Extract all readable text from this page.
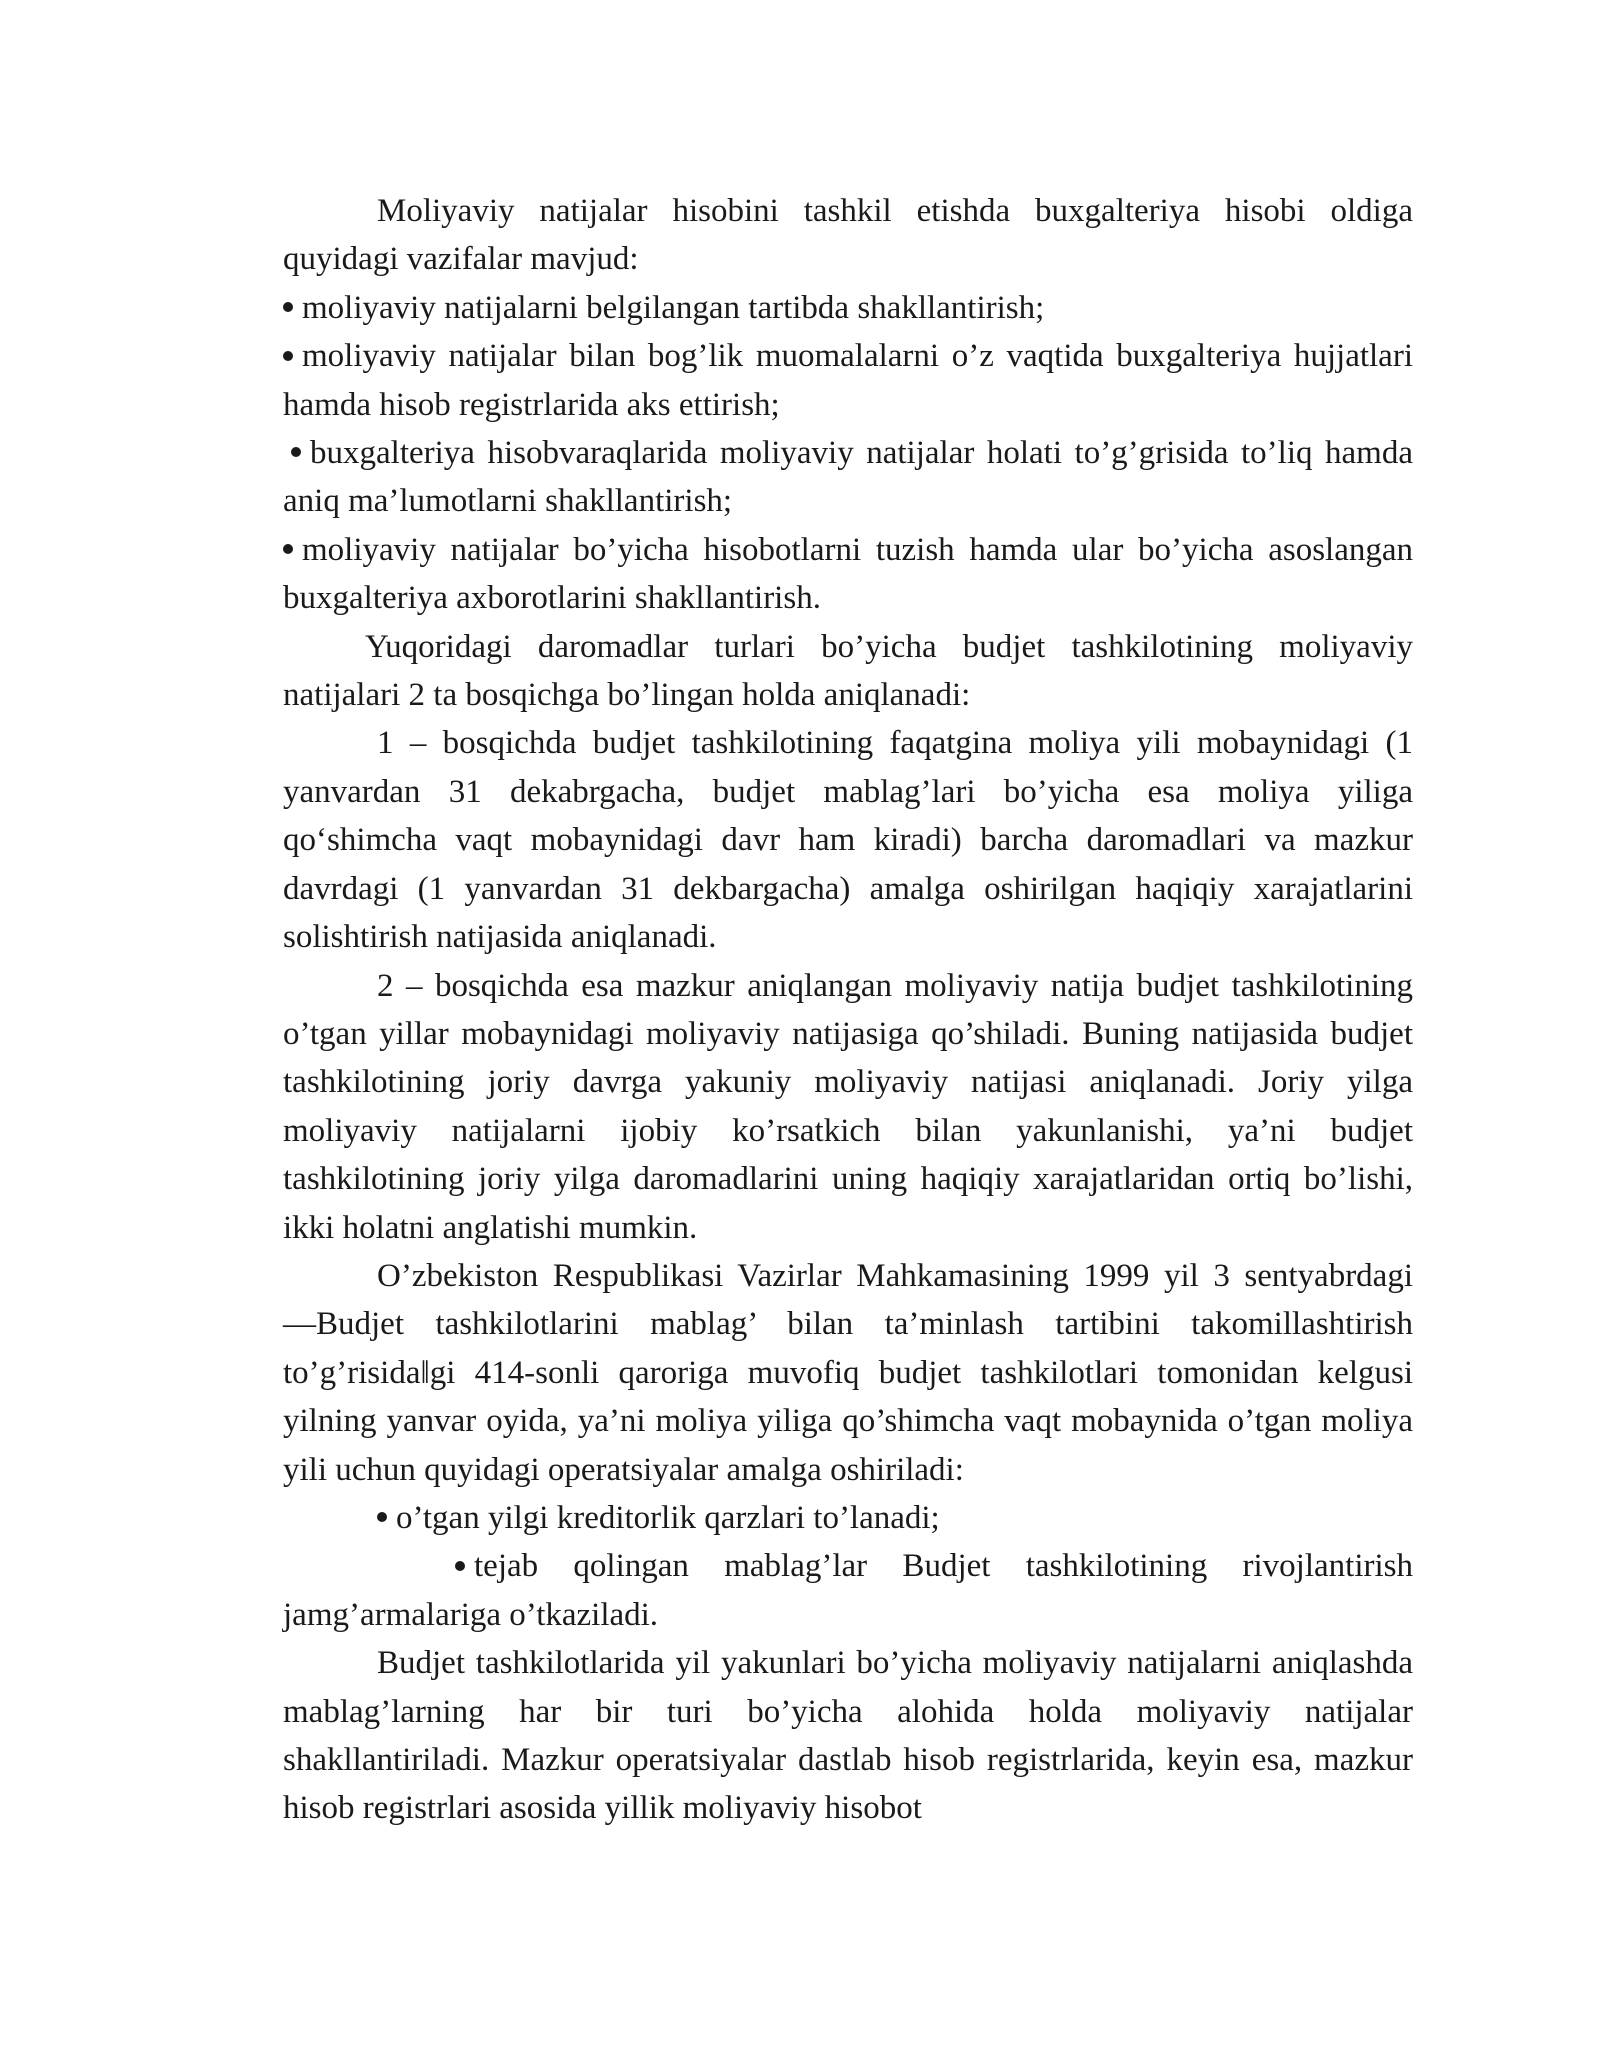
Moliyaviy natijalar hisobini tashkil etishda buxgalteriya hisobi oldiga quyidagi vazifalar mavjud:

moliyaviy natijalarni belgilangan tartibda shakllantirish;

moliyaviy natijalar bilan bog’lik muomalalarni o’z vaqtida buxgalteriya hujjatlari hamda hisob registrlarida aks ettirish;

buxgalteriya hisobvaraqlarida moliyaviy natijalar holati to’g’grisida to’liq hamda aniq ma’lumotlarni shakllantirish;

moliyaviy natijalar bo’yicha hisobotlarni tuzish hamda ular bo’yicha asoslangan buxgalteriya axborotlarini shakllantirish.

Yuqoridagi daromadlar turlari bo’yicha budjet tashkilotining moliyaviy natijalari 2 ta bosqichga bo’lingan holda aniqlanadi:

1 – bosqichda budjet tashkilotining faqatgina moliya yili mobaynidagi (1 yanvardan 31 dekabrgacha, budjet mablag’lari bo’yicha esa moliya yiliga qo‘shimcha vaqt mobaynidagi davr ham kiradi) barcha daromadlari va mazkur davrdagi (1 yanvardan 31 dekbargacha) amalga oshirilgan haqiqiy xarajatlarini solishtirish natijasida aniqlanadi.

2 – bosqichda esa mazkur aniqlangan moliyaviy natija budjet tashkilotining o’tgan yillar mobaynidagi moliyaviy natijasiga qo’shiladi. Buning natijasida budjet tashkilotining joriy davrga yakuniy moliyaviy natijasi aniqlanadi. Joriy yilga moliyaviy natijalarni ijobiy ko’rsatkich bilan yakunlanishi, ya’ni budjet tashkilotining joriy yilga daromadlarini uning haqiqiy xarajatlaridan ortiq bo’lishi, ikki holatni anglatishi mumkin.

O’zbekiston Respublikasi Vazirlar Mahkamasining 1999 yil 3 sentyabrdagi ―Budjet tashkilotlarini mablag’ bilan ta’minlash tartibini takomillashtirish to’g’risida‖gi 414-sonli qaroriga muvofiq budjet tashkilotlari tomonidan kelgusi yilning yanvar oyida, ya’ni moliya yiliga qo’shimcha vaqt mobaynida o’tgan moliya yili uchun quyidagi operatsiyalar amalga oshiriladi:

o’tgan yilgi kreditorlik qarzlari to’lanadi;

tejab qolingan mablag’lar Budjet tashkilotining rivojlantirish jamg’armalariga o’tkaziladi.

Budjet tashkilotlarida yil yakunlari bo’yicha moliyaviy natijalarni aniqlashda mablag’larning har bir turi bo’yicha alohida holda moliyaviy natijalar shakllantiriladi. Mazkur operatsiyalar dastlab hisob registrlarida, keyin esa, mazkur hisob registrlari asosida yillik moliyaviy hisobot
